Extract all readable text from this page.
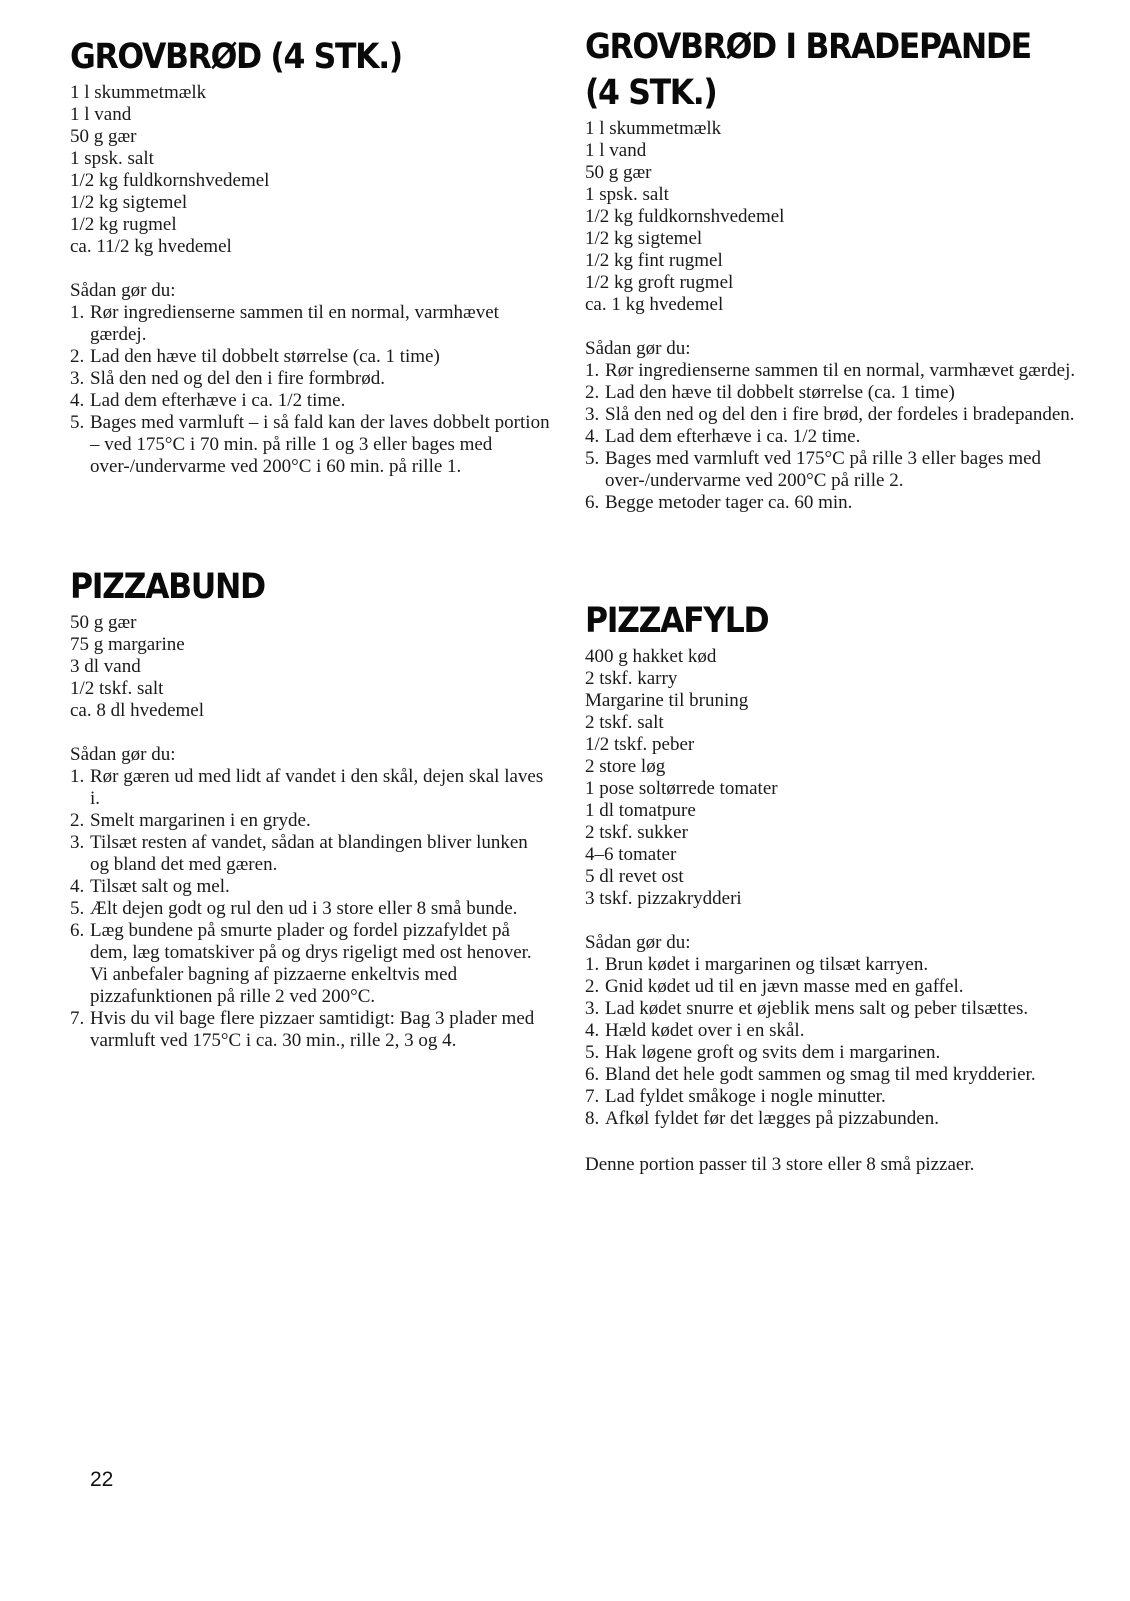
GROVBRØD (4 STK.)
1 l skummetmælk
1 l vand
50 g gær
1 spsk. salt
1/2 kg fuldkornshvedemel
1/2 kg sigtemel
1/2 kg rugmel
ca. 11/2 kg hvedemel
Sådan gør du:
1. Rør ingredienserne sammen til en normal, varmhævet gærdej.
2. Lad den hæve til dobbelt størrelse (ca. 1 time)
3. Slå den ned og del den i fire formbrød.
4. Lad dem efterhæve i ca. 1/2 time.
5. Bages med varmluft – i så fald kan der laves dobbelt portion – ved 175°C i 70 min. på rille 1 og 3 eller bages med over-/undervarme ved 200°C i 60 min. på rille 1.
PIZZABUND
50 g gær
75 g margarine
3 dl vand
1/2 tskf. salt
ca. 8 dl hvedemel
Sådan gør du:
1. Rør gæren ud med lidt af vandet i den skål, dejen skal laves i.
2. Smelt margarinen i en gryde.
3. Tilsæt resten af vandet, sådan at blandingen bliver lunken og bland det med gæren.
4. Tilsæt salt og mel.
5. Ælt dejen godt og rul den ud i 3 store eller 8 små bunde.
6. Læg bundene på smurte plader og fordel pizzafyldet på dem, læg tomatskiver på og drys rigeligt med ost henover. Vi anbefaler bagning af pizzaerne enkeltvis med pizzafunktionen på rille 2 ved 200°C.
7. Hvis du vil bage flere pizzaer samtidigt: Bag 3 plader med varmluft ved 175°C i ca. 30 min., rille 2, 3 og 4.
GROVBRØD I BRADEPANDE
(4 STK.)
1 l skummetmælk
1 l vand
50 g gær
1 spsk. salt
1/2 kg fuldkornshvedemel
1/2 kg sigtemel
1/2 kg fint rugmel
1/2 kg groft rugmel
ca. 1 kg hvedemel
Sådan gør du:
1. Rør ingredienserne sammen til en normal, varmhævet gærdej.
2. Lad den hæve til dobbelt størrelse (ca. 1 time)
3. Slå den ned og del den i fire brød, der fordeles i bradepanden.
4. Lad dem efterhæve i ca. 1/2 time.
5. Bages med varmluft ved 175°C på rille 3 eller bages med over-/undervarme ved 200°C på rille 2.
6. Begge metoder tager ca. 60 min.
PIZZAFYLD
400 g hakket kød
2 tskf. karry
Margarine til bruning
2 tskf. salt
1/2 tskf. peber
2 store løg
1 pose soltørrede tomater
1 dl tomatpure
2 tskf. sukker
4–6 tomater
5 dl revet ost
3 tskf. pizzakrydderi
Sådan gør du:
1. Brun kødet i margarinen og tilsæt karryen.
2. Gnid kødet ud til en jævn masse med en gaffel.
3. Lad kødet snurre et øjeblik mens salt og peber tilsættes.
4. Hæld kødet over i en skål.
5. Hak løgene groft og svits dem i margarinen.
6. Bland det hele godt sammen og smag til med krydderier.
7. Lad fyldet småkoge i nogle minutter.
8. Afkøl fyldet før det lægges på pizzabunden.
Denne portion passer til 3 store eller 8 små pizzaer.
22
